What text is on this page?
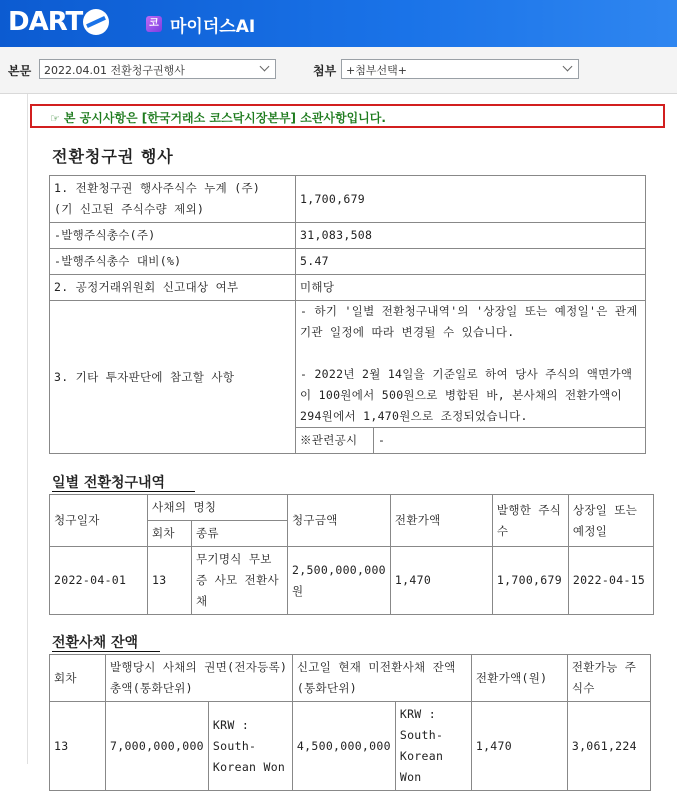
DART	코 마이더스AI
본문	2022.04.01 전환청구권행사	첨부 +첨부선택+
☞ 본 공시사항은 [한국거래소 코스닥시장본부] 소관사항입니다.
전환청구권 행사
1. 전환청구권 행사주식수 누계 (주)
(기 신고된 주식수량 제외)	1,700,679	
-발행주식총수(주)	31,083,508	
-발행주식총수 대비(%)	5.47	
2. 공정거래위원회 신고대상 여부	미해당	
3. 기타 투자판단에 참고할 사항	- 하기 '일별 전환청구내역'의 '상장일 또는 예정일'은 관계기관 일정에 따라 변경될 수 있습니다.

- 2022년 2월 14일을 기준일로 하여 당사 주식의 액면가액이 100원에서 500원으로 병합된 바, 본사채의 전환가액이 294원에서 1,470원으로 조정되었습니다.	
	※관련공시	-
일별 전환청구내역
청구일자	사채의 명칭		청구금액	전환가액	발행한 주식수	상장일 또는 예정일
	회차	종류				
2022-04-01	13	무기명식 무보증 사모 전환사채	2,500,000,000원	1,470	1,700,679	2022-04-15
전환사채 잔액
회차	발행당시 사채의 권면(전자등록)총액(통화단위)		신고일 현재 미전환사채 잔액 (통화단위)		전환가액(원)	전환가능 주식수
13	7,000,000,000	KRW : South-Korean Won	4,500,000,000	KRW : South-Korean Won	1,470	3,061,224
